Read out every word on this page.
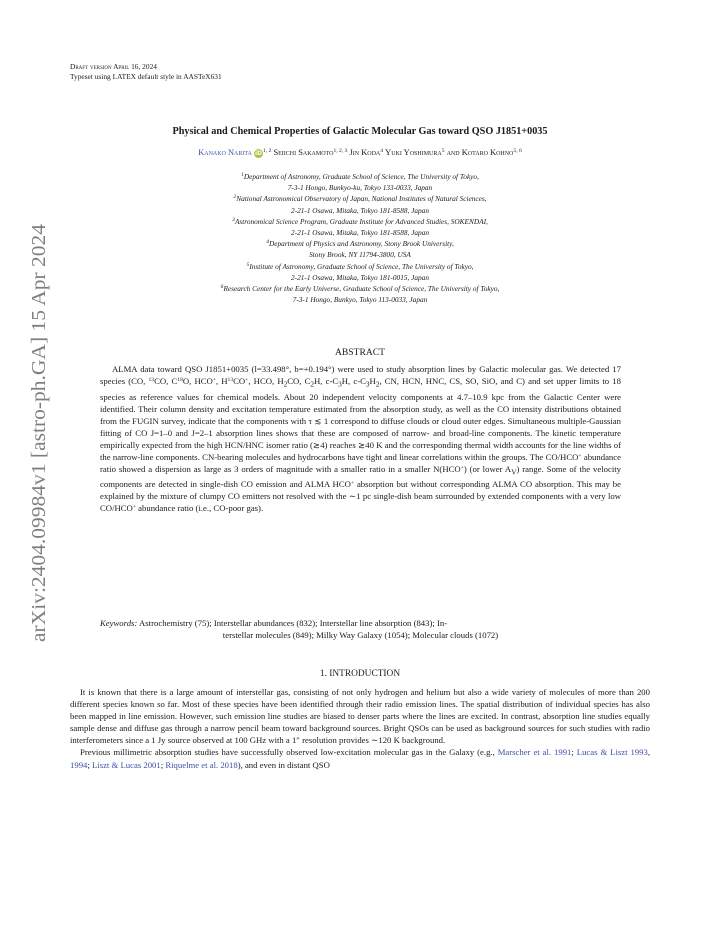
arXiv:2404.09984v1 [astro-ph.GA] 15 Apr 2024
Draft version April 16, 2024
Typeset using LATEX default style in AASTeX631
Physical and Chemical Properties of Galactic Molecular Gas toward QSO J1851+0035
Kanako Narita iD$^{1, 2}$ Seiichi Sakamoto$^{1, 2, 3}$ Jin Koda$^4$ Yuki Yoshimura$^5$ and Kotaro Kohno$^{5, 6}$
$^1$Department of Astronomy, Graduate School of Science, The University of Tokyo,
7-3-1 Hongo, Bunkyo-ku, Tokyo 133-0033, Japan
$^2$National Astronomical Observatory of Japan, National Institutes of Natural Sciences,
2-21-1 Osawa, Mitaka, Tokyo 181-8588, Japan
$^3$Astronomical Science Program, Graduate Institute for Advanced Studies, SOKENDAI,
2-21-1 Osawa, Mitaka, Tokyo 181-8588, Japan
$^4$Department of Physics and Astronomy, Stony Brook University,
Stony Brook, NY 11794-3800, USA
$^5$Institute of Astronomy, Graduate School of Science, The University of Tokyo,
2-21-1 Osawa, Mitaka, Tokyo 181-0015, Japan
$^6$Research Center for the Early Universe, Graduate School of Science, The University of Tokyo,
7-3-1 Hongo, Bunkyo, Tokyo 113-0033, Japan
ABSTRACT
ALMA data toward QSO J1851+0035 (l=33.498°, b=+0.194°) were used to study absorption lines by Galactic molecular gas. We detected 17 species (CO, $^{13}$CO, $C^{18}O$, HCO+, $H^{13}CO^+$, HCO, $H_2CO$, $C_2H$, $c-C_3H$, $c-C_3H_2$, CN, HCN, HNC, CS, SO, SiO, and C) and set upper limits to 18 species as reference values for chemical models. About 20 independent velocity components at 4.7–10.9 kpc from the Galactic Center were identified. Their column density and excitation temperature estimated from the absorption study, as well as the CO intensity distributions obtained from the FUGIN survey, indicate that the components with τ ≲ 1 correspond to diffuse clouds or cloud outer edges. Simultaneous multiple-Gaussian fitting of CO J=1–0 and J=2–1 absorption lines shows that these are composed of narrow- and broad-line components. The kinetic temperature empirically expected from the high HCN/HNC isomer ratio (≳4) reaches ≳40 K and the corresponding thermal width accounts for the line widths of the narrow-line components. CN-bearing molecules and hydrocarbons have tight and linear correlations within the groups. The CO/HCO+ abundance ratio showed a dispersion as large as 3 orders of magnitude with a smaller ratio in a smaller N(HCO+) (or lower $A_V$) range. Some of the velocity components are detected in single-dish CO emission and ALMA HCO+ absorption but without corresponding ALMA CO absorption. This may be explained by the mixture of clumpy CO emitters not resolved with the ∼1 pc single-dish beam surrounded by extended components with a very low CO/HCO+ abundance ratio (i.e., CO-poor gas).
Keywords: Astrochemistry (75); Interstellar abundances (832); Interstellar line absorption (843); In-
terstellar molecules (849); Milky Way Galaxy (1054); Molecular clouds (1072)
1. INTRODUCTION

It is known that there is a large amount of interstellar gas, consisting of not only hydrogen and helium but also a wide variety of molecules of more than 200 different species known so far. Most of these species have been identified through their radio emission lines. The spatial distribution of individual species has also been mapped in line emission. However, such emission line studies are biased to denser parts where the lines are excited. In contrast, absorption line studies equally sample dense and diffuse gas through a narrow pencil beam toward background sources. Bright QSOs can be used as background sources for such studies with radio interferometers since a 1 Jy source observed at 100 GHz with a 1″ resolution provides ∼120 K background.

Previous millimetric absorption studies have successfully observed low-excitation molecular gas in the Galaxy (e.g., Marscher et al. 1991; Lucas & Liszt 1993, 1994; Liszt & Lucas 2001; Riquelme et al. 2018), and even in distant QSO
